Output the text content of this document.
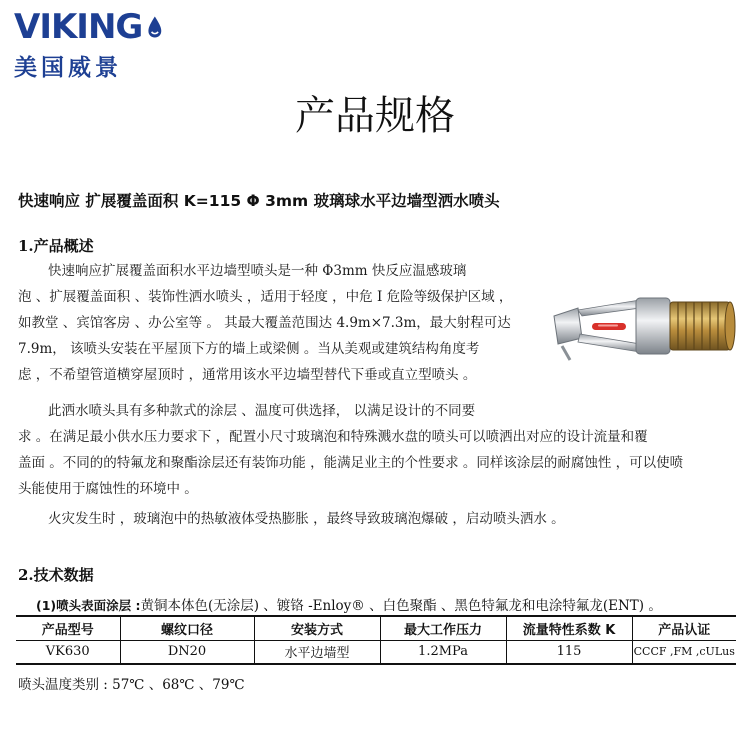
VIKING
美国威景
产品规格
快速响应 扩展覆盖面积 K=115 Φ 3mm 玻璃球水平边墙型洒水喷头
1.产品概述
快速响应扩展覆盖面积水平边墙型喷头是一种 Φ3mm 快反应温感玻璃
泡 、扩展覆盖面积 、装饰性洒水喷头 ，适用于轻度 ，中危 I 危险等级保护区域 ，
如教堂 、宾馆客房 、办公室等 。 其最大覆盖范围达 4.9m×7.3m，最大射程可达
7.9m， 该喷头安装在平屋顶下方的墙上或梁侧 。当从美观或建筑结构角度考
虑 ，不希望管道横穿屋顶时 ，通常用该水平边墙型替代下垂或直立型喷头 。
此洒水喷头具有多种款式的涂层 、温度可供选择， 以满足设计的不同要
求 。在满足最小供水压力要求下 ，配置小尺寸玻璃泡和特殊溅水盘的喷头可以喷洒出对应的设计流量和覆
盖面 。不同的的特氟龙和聚酯涂层还有装饰功能 ，能满足业主的个性要求 。同样该涂层的耐腐蚀性 ，可以使喷
头能使用于腐蚀性的环境中 。
火灾发生时 ，玻璃泡中的热敏液体受热膨胀 ，最终导致玻璃泡爆破 ，启动喷头洒水 。
2.技术数据
(1)喷头表面涂层 :黄铜本体色(无涂层) 、镀铬 -Enloy® 、白色聚酯 、黑色特氟龙和电涂特氟龙(ENT) 。
产品型号	螺纹口径	安装方式	最大工作压力	流量特性系数 K	产品认证
VK630	DN20	水平边墙型	1.2MPa	115	CCCF ,FM ,cULus
喷头温度类别 : 57℃ 、68℃ 、79℃
